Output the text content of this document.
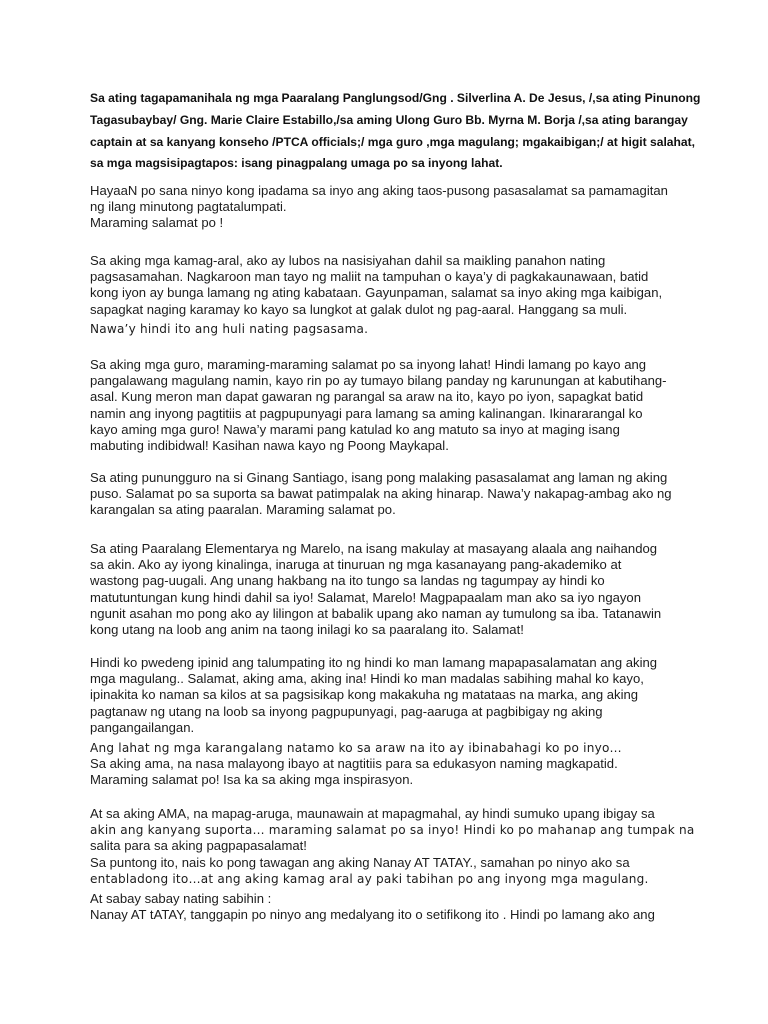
Sa ating tagapamanihala ng mga Paaralang Panglungsod/Gng . Silverlina A. De Jesus, /,sa ating Pinunong
Tagasubaybay/ Gng. Marie Claire Estabillo,/sa aming Ulong Guro Bb. Myrna M. Borja /,sa ating barangay
captain at sa kanyang konseho /PTCA officials;/ mga guro ,mga magulang; mgakaibigan;/ at higit salahat,
sa mga magsisipagtapos: isang pinagpalang umaga po sa inyong lahat.
HayaaN po sana ninyo kong ipadama sa inyo ang aking taos-pusong pasasalamat sa pamamagitan
ng ilang minutong pagtatalumpati.
Maraming salamat po !
Sa aking mga kamag-aral, ako ay lubos na nasisiyahan dahil sa maikling panahon nating
pagsasamahan. Nagkaroon man tayo ng maliit na tampuhan o kaya’y di pagkakaunawaan, batid
kong iyon ay bunga lamang ng ating kabataan. Gayunpaman, salamat sa inyo aking mga kaibigan,
sapagkat naging karamay ko kayo sa lungkot at galak dulot ng pag-aaral. Hanggang sa muli.
Nawa’y hindi ito ang huli nating pagsasama.
Sa aking mga guro, maraming-maraming salamat po sa inyong lahat! Hindi lamang po kayo ang
pangalawang magulang namin, kayo rin po ay tumayo bilang panday ng karunungan at kabutihang-
asal. Kung meron man dapat gawaran ng parangal sa araw na ito, kayo po iyon, sapagkat batid
namin ang inyong pagtitiis at pagpupunyagi para lamang sa aming kalinangan. Ikinararangal ko
kayo aming mga guro! Nawa’y marami pang katulad ko ang matuto sa inyo at maging isang
mabuting indibidwal! Kasihan nawa kayo ng Poong Maykapal.
Sa ating punungguro na si Ginang Santiago, isang pong malaking pasasalamat ang laman ng aking
puso. Salamat po sa suporta sa bawat patimpalak na aking hinarap. Nawa’y nakapag-ambag ako ng
karangalan sa ating paaralan. Maraming salamat po.
Sa ating Paaralang Elementarya ng Marelo, na isang makulay at masayang alaala ang naihandog
sa akin. Ako ay iyong kinalinga, inaruga at tinuruan ng mga kasanayang pang-akademiko at
wastong pag-uugali. Ang unang hakbang na ito tungo sa landas ng tagumpay ay hindi ko
matutuntungan kung hindi dahil sa iyo! Salamat, Marelo! Magpapaalam man ako sa iyo ngayon
ngunit asahan mo pong ako ay lilingon at babalik upang ako naman ay tumulong sa iba. Tatanawin
kong utang na loob ang anim na taong inilagi ko sa paaralang ito. Salamat!
Hindi ko pwedeng ipinid ang talumpating ito ng hindi ko man lamang mapapasalamatan ang aking
mga magulang.. Salamat, aking ama, aking ina! Hindi ko man madalas sabihing mahal ko kayo,
ipinakita ko naman sa kilos at sa pagsisikap kong makakuha ng matataas na marka, ang aking
pagtanaw ng utang na loob sa inyong pagpupunyagi, pag-aaruga at pagbibigay ng aking
pangangailangan.
Ang lahat ng mga karangalang natamo ko sa araw na ito ay ibinabahagi ko po inyo…
Sa aking ama, na nasa malayong ibayo at nagtitiis para sa edukasyon naming magkapatid.
Maraming salamat po! Isa ka sa aking mga inspirasyon.
At sa aking AMA, na mapag-aruga, maunawain at mapagmahal, ay hindi sumuko upang ibigay sa
akin ang kanyang suporta… maraming salamat po sa inyo! Hindi ko po mahanap ang tumpak na
salita para sa aking pagpapasalamat!
Sa puntong ito, nais ko pong tawagan ang aking Nanay AT TATAY., samahan po ninyo ako sa
entabladong ito…at ang aking kamag aral ay paki tabihan po ang inyong mga magulang.
At sabay sabay nating sabihin :
Nanay AT tATAY, tanggapin po ninyo ang medalyang ito o setifikong ito . Hindi po lamang ako ang
